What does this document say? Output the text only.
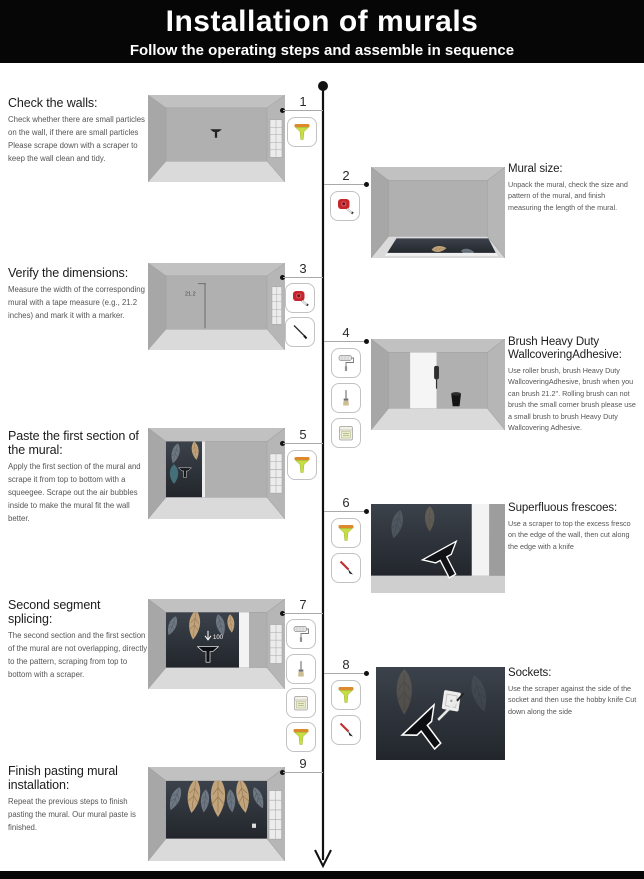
Installation of murals
Follow the operating steps and assemble in sequence
Check the walls:
Check whether there are small particles on the wall, if there are small particles Please scrape down with a scraper to keep the wall clean and tidy.
1
Mural size:
Unpack the mural, check the size and pattern of the mural, and finish measuring the length of the mural.
2
Verify the dimensions:
Measure the width of the corresponding mural with a tape measure (e.g., 21.2 inches) and mark it with a marker.
21.2
3
Brush Heavy Duty WallcoveringAdhesive:
Use roller brush, brush Heavy Duty WallcoveringAdhesive, brush when you can brush 21.2". Rolling brush can not brush the small corner brush please use a small brush to brush Heavy Duty Wallcovering Adhesive.
4
Paste the first section of the mural:
Apply the first section of the mural and scrape it from top to bottom with a squeegee. Scrape out the air bubbles inside to make the mural fit the wall better.
5
Superfluous frescoes:
Use a scraper to top the excess fresco on the edge of the wall, then cut along the edge with a knife
6
Second segment splicing:
The second section and the first section of the mural are not overlapping, directly to the pattern, scraping from top to bottom with a scraper.
100
7
Sockets:
Use the scraper against the side of the socket and then use the hobby knife Cut down along the side
8
Finish pasting mural installation:
Repeat the previous steps to finish pasting the mural. Our mural paste is finished.
9
